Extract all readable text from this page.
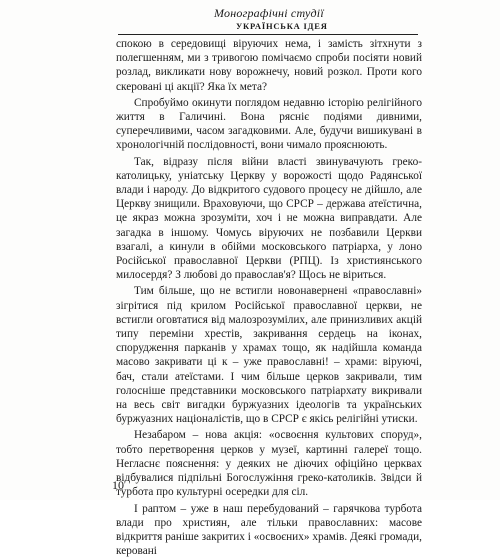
Монографічні студії
УКРАЇНСЬКА ІДЕЯ

спокою в середовищі віруючих нема, і замість зітхнути з полегшенням, ми з тривогою помічаємо спроби посіяти новий розлад, викликати нову ворожнечу, новий розкол. Проти кого скеровані ці акції? Яка їх мета?

Спробуймо окинути поглядом недавню історію релігійного життя в Галичині. Вона рясніє подіями дивними, суперечливими, часом загадковими. Але, будучи вишикувані в хронологічній послідовності, вони чимало прояснюють.

Так, відразу після війни власті звинувачують греко-католицьку, уніатську Церкву у ворожості щодо Радянської влади і народу. До відкритого судового процесу не дійшло, але Церкву знищили. Враховуючи, що СРСР – держава атеїстична, це якраз можна зрозуміти, хоч і не можна виправдати. Але загадка в іншому. Чомусь віруючих не позбавили Церкви взагалі, а кинули в обійми московського патріарха, у лоно Російської православної Церкви (РПЦ). Із християнського милосердя? З любові до православ'я? Щось не віриться.

Тим більше, що не встигли новонавернені «православні» зігрітися під крилом Російської православної церкви, не встигли оговтатися від малозрозумілих, але принизливих акцій типу переміни хрестів, закривання сердець на іконах, спорудження парканів у храмах тощо, як надійшла команда масово закривати ці к – уже православні! – храми: віруючі, бач, стали атеїстами. І чим більше церков закривали, тим голосніше представники московського патріархату викривали на весь світ вигадки буржуазних ідеологів та українських буржуазних націоналістів, що в СРСР є якісь релігійні утиски.

Незабаром – нова акція: «освоєння культових споруд», тобто перетворення церков у музеї, картинні галереї тощо. Негласнє пояснення: у деяких не діючих офіційно церквах відбувалися підпільні Богослужіння греко-католиків. Звідси й турбота про культурні осередки для сіл.

І раптом – уже в наш перебудований – гарячкова турбота влади про християн, але тільки православних: масове відкриття раніше закритих і «освоєних» храмів. Деякі громади, керовані

10
